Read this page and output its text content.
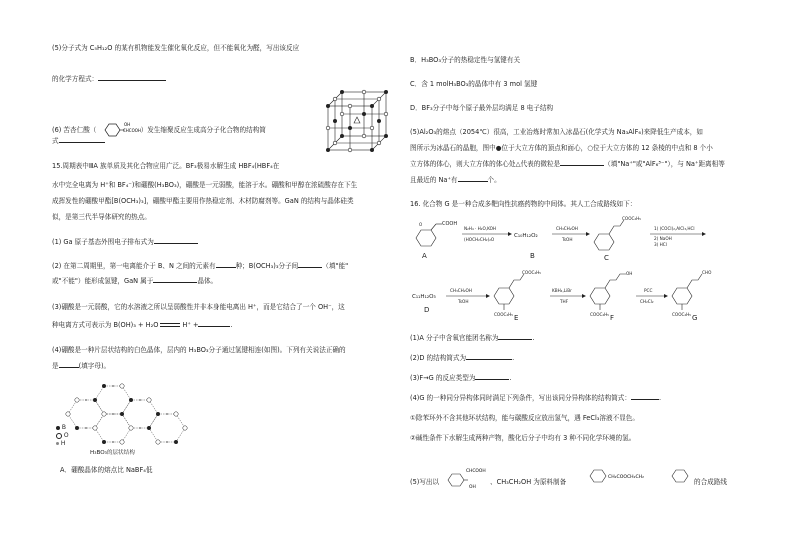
(5)分子式为 C₅H₁₂O 的某有机物能发生催化氧化反应，但不能氧化为醛，写出该反应
的化学方程式：
(6) 苦杏仁酸（
OH
CHCOOH ）发生缩聚反应生成高分子化合物的结构简
式
15.周期表中ⅢA 族单质及其化合物应用广泛。BF₃极易水解生成 HBF₄(HBF₄在
水中完全电离为 H⁺和 BF₄⁻)和硼酸(H₃BO₃)，硼酸是一元弱酸，能溶于水。硼酸和甲醇在浓硫酸存在下生
成挥发性的硼酸甲酯[B(OCH₃)₃]，硼酸甲酯主要用作热稳定剂、木材防腐剂等。GaN 的结构与晶体硅类
似，是第三代半导体研究的热点。
(1) Ga 原子基态外围电子排布式为
(2) 在第二周期里，第一电离能介于 B、N 之间的元素有	种；B(OCH₃)₃分子间	（填"能"
或"不能"）能形成氢键，GaN 属于	晶体。
(3)硼酸是一元弱酸，它的水溶液之所以呈弱酸性并非本身能电离出 H⁺，而是它结合了一个 OH⁻，这
种电离方式可表示为 B(OH)₃ + H₂O	H⁺ +	.
(4)硼酸是一种片层状结构的白色晶体，层内的 H₃BO₃分子通过氢键相连(如图)。下列有关说法正确的
是	(填字母)。
B
O
H
H₃BO₃的层状结构
A．硼酸晶体的熔点比 NaBF₄低
B．H₃BO₃分子的热稳定性与氢键有关
C．含 1 molH₃BO₃的晶体中有 3 mol 氢键
D．BF₃分子中每个原子最外层均满足 8 电子结构
(5)Al₂O₃的熔点（2054℃）很高，工业冶炼时常加入冰晶石(化学式为 Na₃AlF₆)来降低生产成本，如
图所示为冰晶石的晶胞，图中●位于大立方体的顶点和面心，○位于大立方体的 12 条棱的中点和 8 个小
立方体的体心，则大立方体的体心处△代表的微粒是	（填"Na⁺"或"AlF₆³⁻"），与 Na⁺距离相等
且最近的 Na⁺有	个。
16. 化合物 G 是一种合成多靶向性抗癌药物的中间体。其人工合成路线如下：
COOH
O
A
N₂H₄ · H₂O,KOH
(HOCH₂CH₂)₂O
C₁₀H₁₂O₂
B
CH₃CH₂OH
TsOH
COOC₂H₅
C
1) (COCl)₂,AlCl₃,HCl
2) NaOH
3) HCl
C₁₁H₁₂O₃
D
CH₃CH₂OH
TsOH
COOC₂H₅
COOC₂H₅ E
KBH₄,LiBr
THF
OH
COOC₂H₅ F
PCC
CH₂Cl₂
CHO
COOC₂H₅ G
(1)A 分子中含氧官能团名称为	.
(2)D 的结构简式为	.
(3)F→G 的反应类型为	.
(4)G 的一种同分异构体同时满足下列条件，写出该同分异构体的结构简式：	.
①除苯环外不含其他环状结构，能与碳酸反应放出氢气，遇 FeCl₃溶液不显色。
②碱性条件下水解生成两种产物，酸化后分子中均有 3 种不同化学环境的氢。
(5)写出以
CHCOOH
OH
、CH₃CH₂OH 为原料制备
CH₂COOCH₂CH₂
的合成路线
